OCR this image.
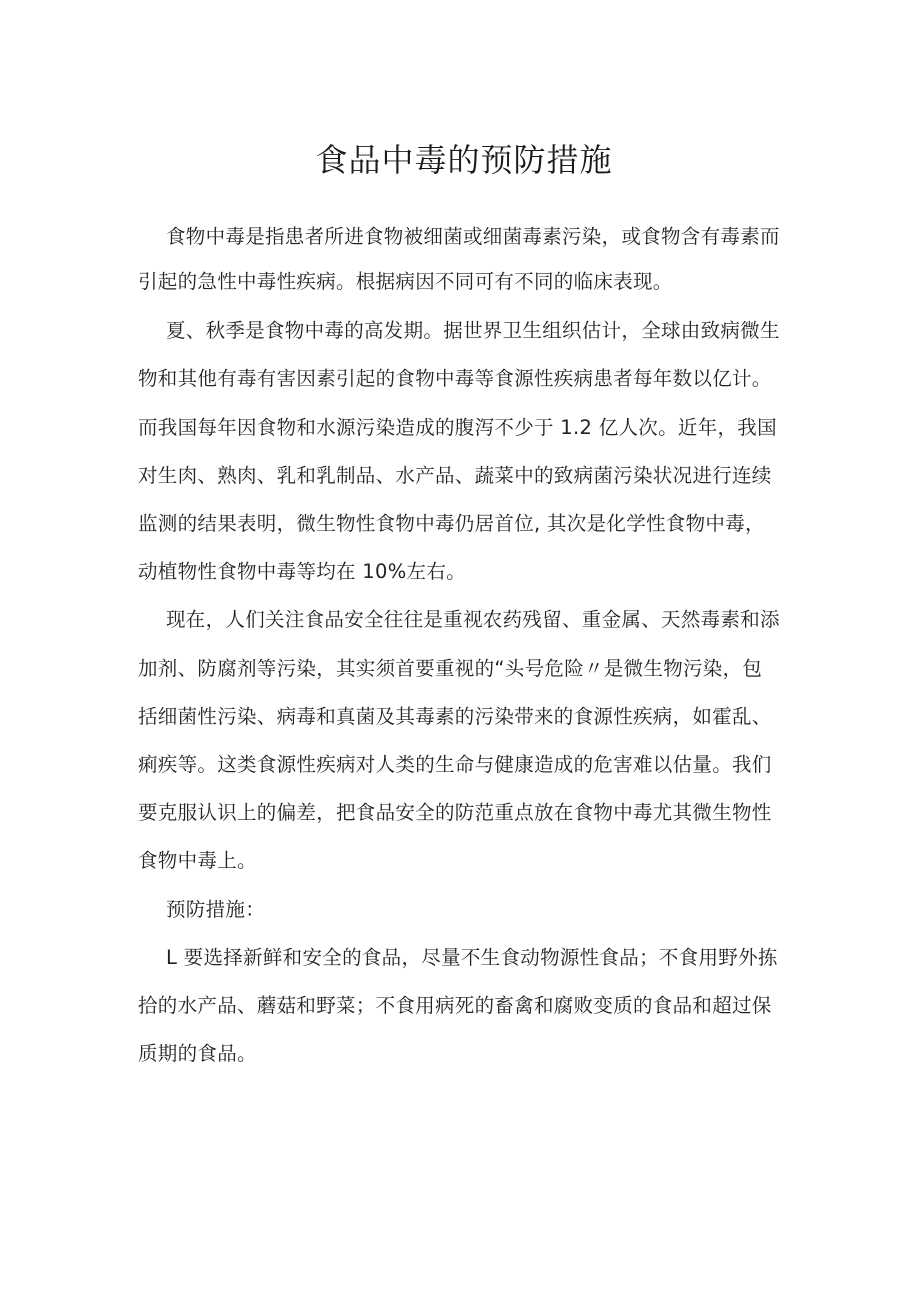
食品中毒的预防措施
食物中毒是指患者所进食物被细菌或细菌毒素污染，或食物含有毒素而
引起的急性中毒性疾病。根据病因不同可有不同的临床表现。
夏、秋季是食物中毒的高发期。据世界卫生组织估计，全球由致病微生
物和其他有毒有害因素引起的食物中毒等食源性疾病患者每年数以亿计。
而我国每年因食物和水源污染造成的腹泻不少于 1.2 亿人次。近年，我国
对生肉、熟肉、乳和乳制品、水产品、蔬菜中的致病菌污染状况进行连续
监测的结果表明，微生物性食物中毒仍居首位, 其次是化学性食物中毒，
动植物性食物中毒等均在 10%左右。
现在，人们关注食品安全往往是重视农药残留、重金属、天然毒素和添
加剂、防腐剂等污染，其实须首要重视的“头号危险〃是微生物污染，包
括细菌性污染、病毒和真菌及其毒素的污染带来的食源性疾病，如霍乱、
痢疾等。这类食源性疾病对人类的生命与健康造成的危害难以估量。我们
要克服认识上的偏差，把食品安全的防范重点放在食物中毒尤其微生物性
食物中毒上。
预防措施：
L 要选择新鲜和安全的食品，尽量不生食动物源性食品；不食用野外拣
拾的水产品、蘑菇和野菜；不食用病死的畜禽和腐败变质的食品和超过保
质期的食品。
